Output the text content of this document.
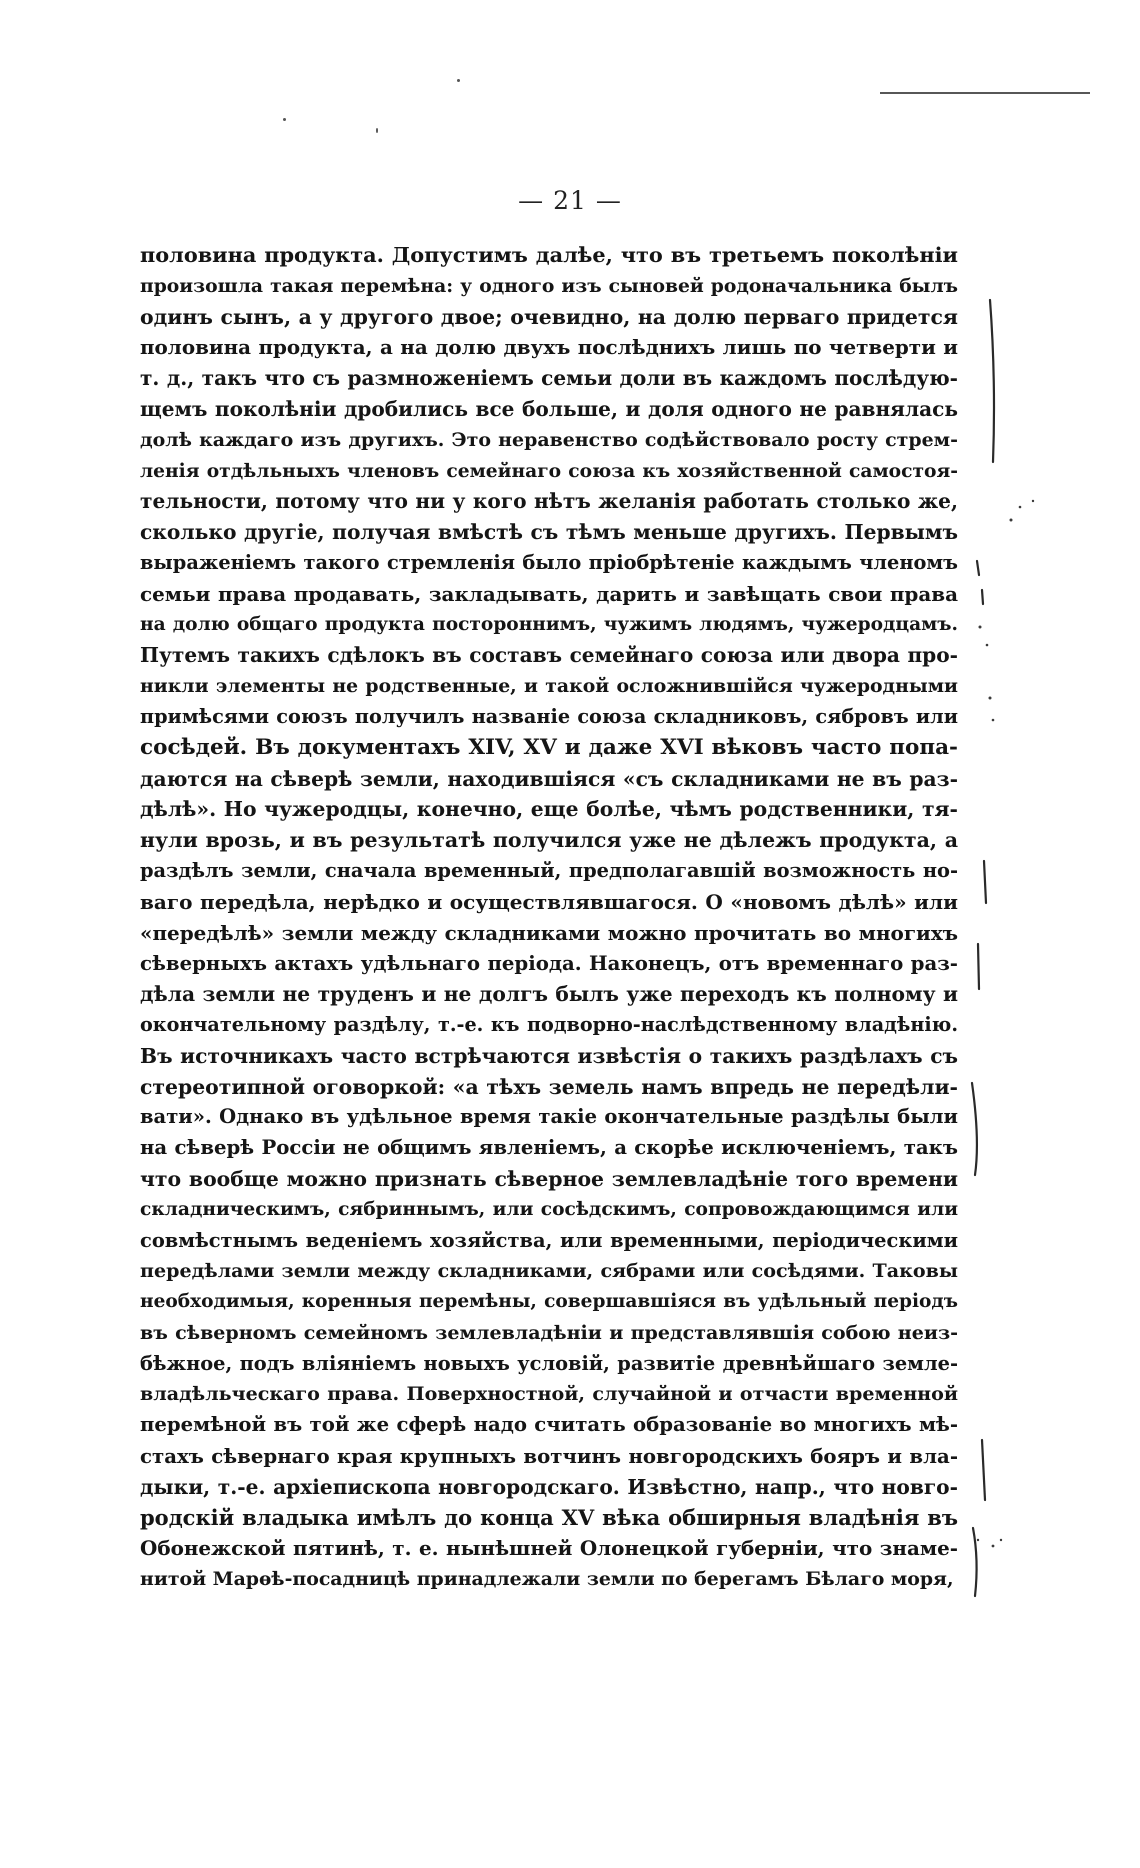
— 21 —
половина продукта. Допустимъ далѣе, что въ третьемъ поколѣніи
произошла такая перемѣна: у одного изъ сыновей родоначальника былъ
одинъ сынъ, а у другого двое; очевидно, на долю перваго придется
половина продукта, а на долю двухъ послѣднихъ лишь по четверти и
т. д., такъ что съ размноженіемъ семьи доли въ каждомъ послѣдую-
щемъ поколѣніи дробились все больше, и доля одного не равнялась
долѣ каждаго изъ другихъ. Это неравенство содѣйствовало росту стрем-
ленія отдѣльныхъ членовъ семейнаго союза къ хозяйственной самостоя-
тельности, потому что ни у кого нѣтъ желанія работать столько же,
сколько другіе, получая вмѣстѣ съ тѣмъ меньше другихъ. Первымъ
выраженіемъ такого стремленія было пріобрѣтеніе каждымъ членомъ
семьи права продавать, закладывать, дарить и завѣщать свои права
на долю общаго продукта постороннимъ, чужимъ людямъ, чужеродцамъ.
Путемъ такихъ сдѣлокъ въ составъ семейнаго союза или двора про-
никли элементы не родственные, и такой осложнившійся чужеродными
примѣсями союзъ получилъ названіе союза складниковъ, сябровъ или
сосѣдей. Въ документахъ XIV, XV и даже XVI вѣковъ часто попа-
даются на сѣверѣ земли, находившіяся «съ складниками не въ раз-
дѣлѣ». Но чужеродцы, конечно, еще болѣе, чѣмъ родственники, тя-
нули врозь, и въ результатѣ получился уже не дѣлежъ продукта, а
раздѣлъ земли, сначала временный, предполагавшій возможность но-
ваго передѣла, нерѣдко и осуществлявшагося. О «новомъ дѣлѣ» или
«передѣлѣ» земли между складниками можно прочитать во многихъ
сѣверныхъ актахъ удѣльнаго періода. Наконецъ, отъ временнаго раз-
дѣла земли не труденъ и не долгъ былъ уже переходъ къ полному и
окончательному раздѣлу, т.-е. къ подворно-наслѣдственному владѣнію.
Въ источникахъ часто встрѣчаются извѣстія о такихъ раздѣлахъ съ
стереотипной оговоркой: «а тѣхъ земель намъ впредь не передѣли-
вати». Однако въ удѣльное время такіе окончательные раздѣлы были
на сѣверѣ Россіи не общимъ явленіемъ, а скорѣе исключеніемъ, такъ
что вообще можно признать сѣверное землевладѣніе того времени
складническимъ, сябриннымъ, или сосѣдскимъ, сопровождающимся или
совмѣстнымъ веденіемъ хозяйства, или временными, періодическими
передѣлами земли между складниками, сябрами или сосѣдями. Таковы
необходимыя, коренныя перемѣны, совершавшіяся въ удѣльный періодъ
въ сѣверномъ семейномъ землевладѣніи и представлявшія собою неиз-
бѣжное, подъ вліяніемъ новыхъ условій, развитіе древнѣйшаго земле-
владѣльческаго права. Поверхностной, случайной и отчасти временной
перемѣной въ той же сферѣ надо считать образованіе во многихъ мѣ-
стахъ сѣвернаго края крупныхъ вотчинъ новгородскихъ бояръ и вла-
дыки, т.-е. архіепископа новгородскаго. Извѣстно, напр., что новго-
родскій владыка имѣлъ до конца XV вѣка обширныя владѣнія въ
Обонежской пятинѣ, т. е. нынѣшней Олонецкой губерніи, что знаме-
нитой Марѳѣ-посадницѣ принадлежали земли по берегамъ Бѣлаго моря,
